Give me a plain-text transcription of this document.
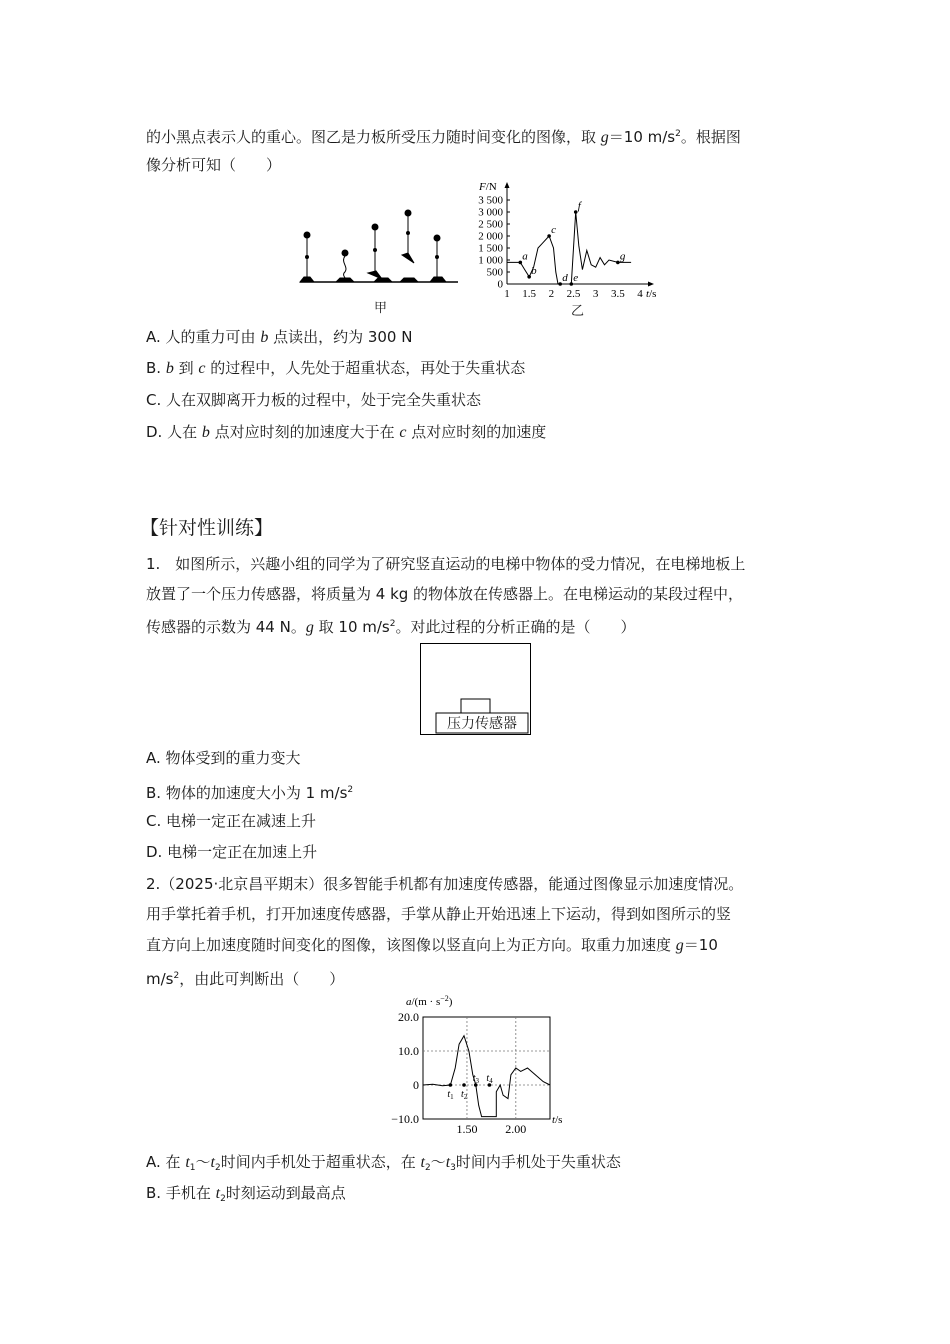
的小黑点表示人的重心。图乙是力板所受压力随时间变化的图像，取 g＝10 $m/s^2$。根据图
像分析可知（　　）
甲
F/N
0
500
1 000
1 500
2 000
2 500
3 000
3 500
1 1.5 2 2.5 3 3.5 4 t/s
a
b
c
d e
f
g
乙
A. 人的重力可由 b 点读出，约为 300 N
B. b 到 c 的过程中，人先处于超重状态，再处于失重状态
C. 人在双脚离开力板的过程中，处于完全失重状态
D. 人在 b 点对应时刻的加速度大于在 c 点对应时刻的加速度
【针对性训练】
1.　如图所示，兴趣小组的同学为了研究竖直运动的电梯中物体的受力情况，在电梯地板上
放置了一个压力传感器，将质量为 4 kg 的物体放在传感器上。在电梯运动的某段过程中，
传感器的示数为 44 N。g 取 10 $m/s^2$。对此过程的分析正确的是（　　）
压力传感器
A. 物体受到的重力变大
B. 物体的加速度大小为 1 $m/s^2$
C. 电梯一定正在减速上升
D. 电梯一定正在加速上升
2.（2025·北京昌平期末）很多智能手机都有加速度传感器，能通过图像显示加速度情况。
用手掌托着手机，打开加速度传感器，手掌从静止开始迅速上下运动，得到如图所示的竖
直方向上加速度随时间变化的图像，该图像以竖直向上为正方向。取重力加速度 g＝10
$m/s^2$，由此可判断出（　　）
$a/(m \cdot s^{-2})$
20.0
10.0
0
−10.0
1.50 2.00
t/s
$t_1$ $t_2$
$t_3$ $t_4$
A. 在 $t_1\sim t_2$时间内手机处于超重状态，在 $t_2\sim t_3$时间内手机处于失重状态
B. 手机在 $t_2$时刻运动到最高点
